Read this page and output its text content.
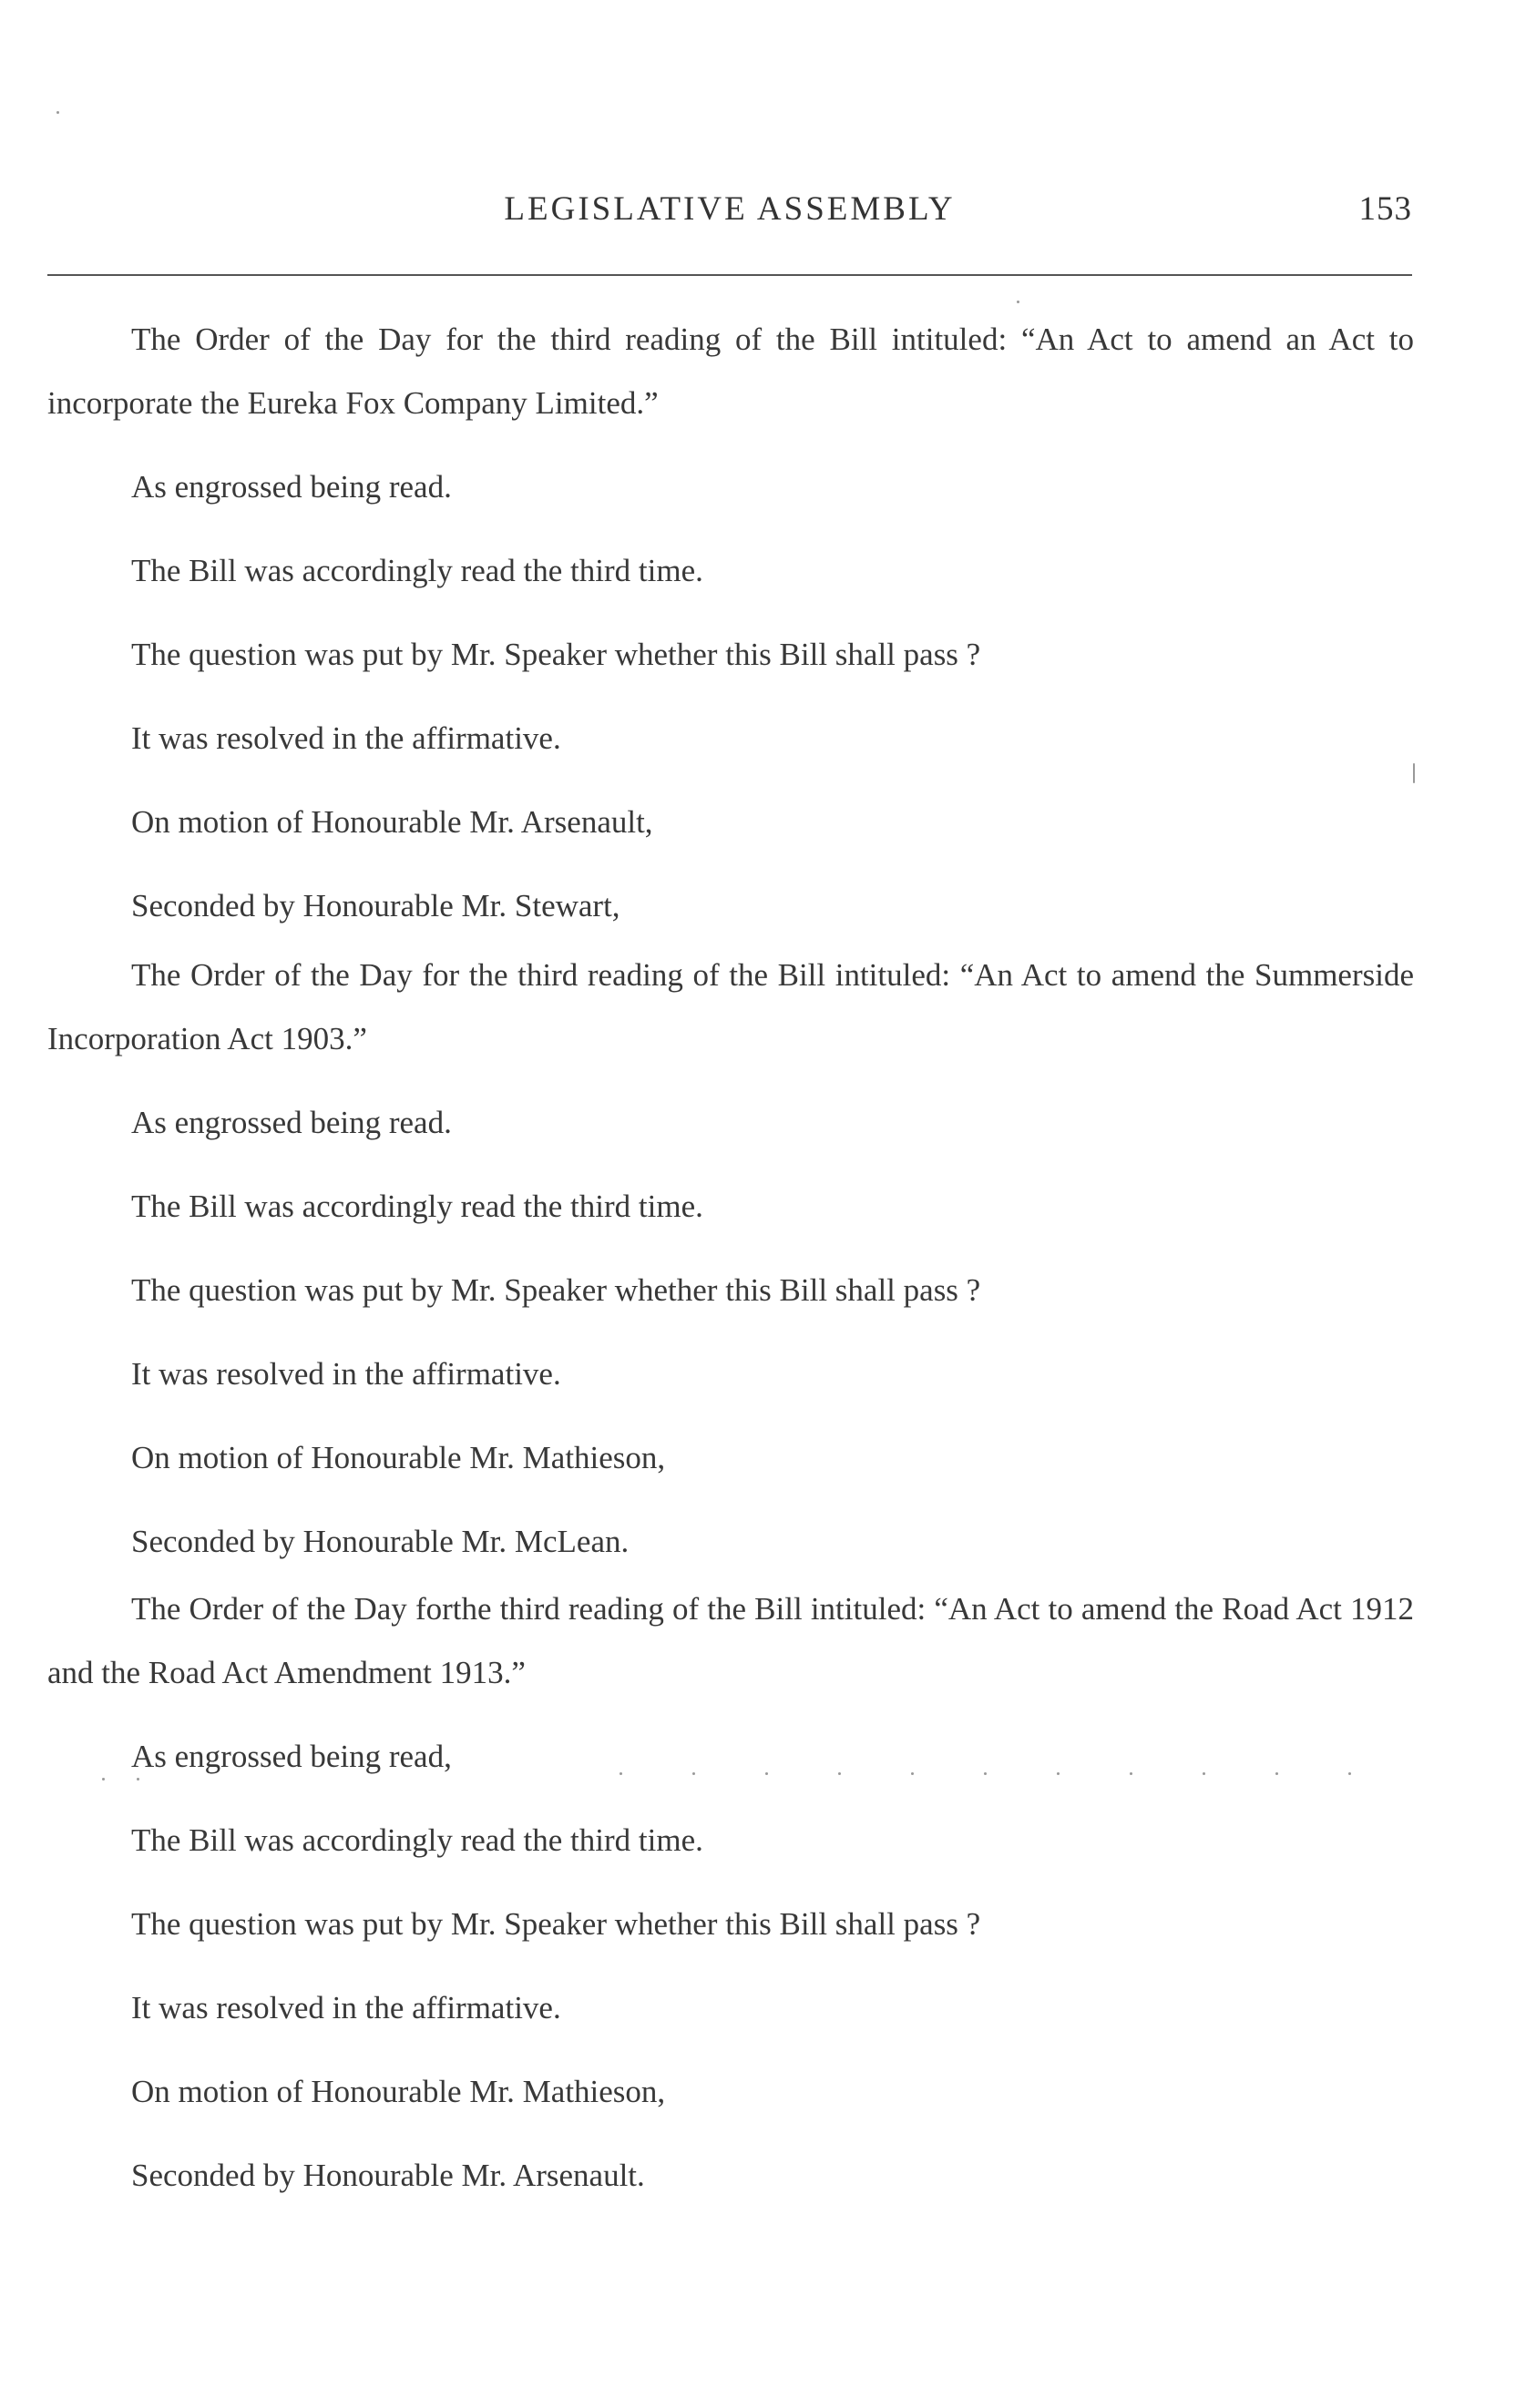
LEGISLATIVE ASSEMBLY	153

The Order of the Day for the third reading of the Bill intituled: “An Act to amend an Act to incorporate the Eureka Fox Company Limited.”

As engrossed being read.

The Bill was accordingly read the third time.

The question was put by Mr. Speaker whether this Bill shall pass ?

It was resolved in the affirmative.

On motion of Honourable Mr. Arsenault,

Seconded by Honourable Mr. Stewart,

The Order of the Day for the third reading of the Bill intituled: “An Act to amend the Summerside Incorporation Act 1903.”

As engrossed being read.

The Bill was accordingly read the third time.

The question was put by Mr. Speaker whether this Bill shall pass ?

It was resolved in the affirmative.

On motion of Honourable Mr. Mathieson,

Seconded by Honourable Mr. McLean.

The Order of the Day forthe third reading of the Bill intituled: “An Act to amend the Road Act 1912 and the Road Act Amendment 1913.”

As engrossed being read,

The Bill was accordingly read the third time.

The question was put by Mr. Speaker whether this Bill shall pass ?

It was resolved in the affirmative.

On motion of Honourable Mr. Mathieson,

Seconded by Honourable Mr. Arsenault.
